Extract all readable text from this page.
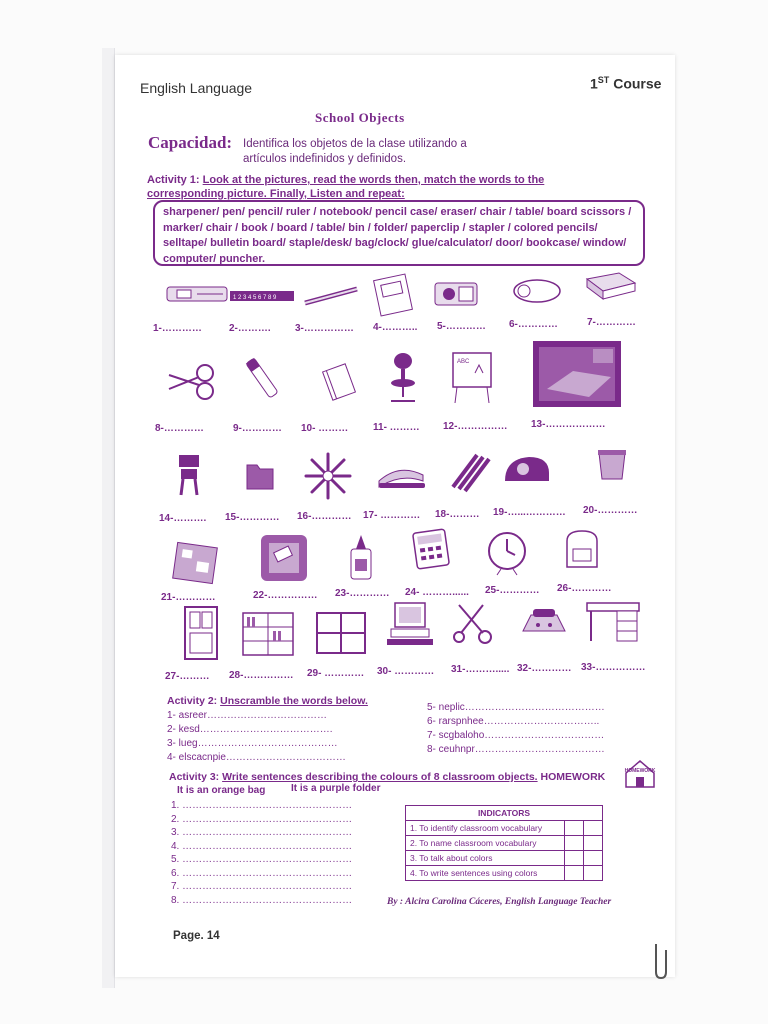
English Language	1ST Course
School Objects
Capacidad: Identifica los objetos de la clase utilizando a artículos indefinidos y definidos.
Activity 1: Look at the pictures, read the words then, match the words to the corresponding picture. Finally, Listen and repeat:
sharpener/ pen/ pencil/ ruler / notebook/ pencil case/ eraser/ chair / table/ board scissors / marker/ chair / book / board / table/ bin / folder/ paperclip / stapler / colored pencils/ selltape/ bulletin board/ staple/desk/ bag/clock/ glue/calculator/ door/ bookcase/ window/ computer/ puncher.
1 2 3 4 5 6 7 8 9
1-…………	2-………. 3-…………… 4-……….. 5-………… 6-…………	7-…………
ABC
8-…………	9-………… 10- ……… 11- ……… 12-…………… 13-………………
14-………. 15-………… 16-………… 17- ………… 18-……… 19-…...………… 20-…………
21-…………	22-…………… 23-………… 24- ………...... 25-………… 26-…………
27-……… 28-…………… 29- ………… 30- ………… 31-………..... 32-………… 33-……………
Activity 2: Unscramble the words below.
1- asreer………………………………
2- kesd………………………………….
3- lueg……………………………………
4- elscacnpie………………………………
5- neplic……………………………………
6- rarspnhee……………………………..
7- scgbaloho………………………………
8- ceuhnpr…………………………………
Activity 3: Write sentences describing the colours of 8 classroom objects. HOMEWORK
It is an orange bag	It is a purple folder
1. ……………………………………………
2. ……………………………………………
3. ……………………………………………
4. ……………………………………………
5. ……………………………………………
6. ……………………………………………
7. ……………………………………………
8. ……………………………………………
HOMEWORK
INDICATORS		
1. To identify classroom vocabulary		
2. To name classroom vocabulary		
3. To talk about colors		
4. To write sentences using colors		
By : Alcira Carolina Cáceres, English Language Teacher
Page. 14
